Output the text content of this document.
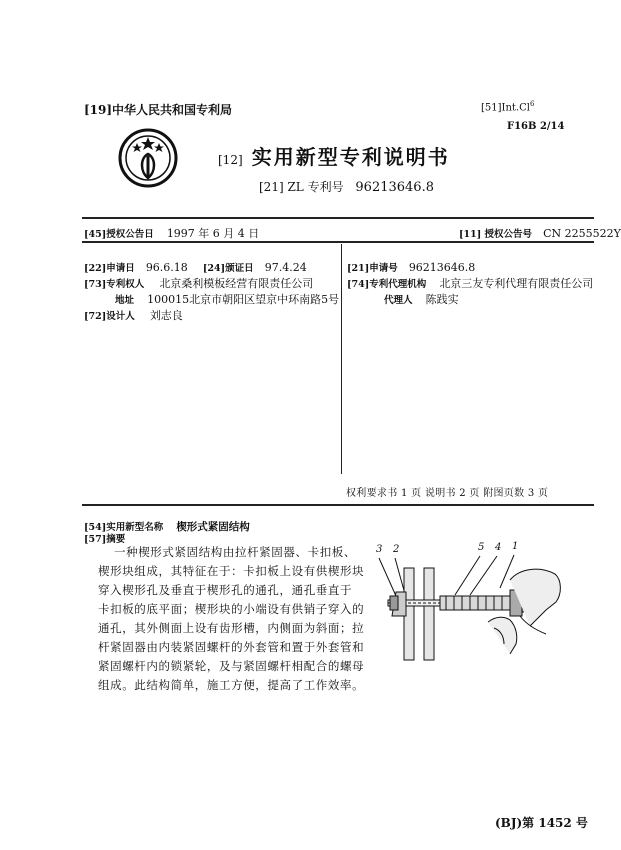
[19]中华人民共和国专利局	[51]Int.Cl$^6$
F16B 2/14
[12] 实用新型专利说明书
[21] ZL 专利号 96213646.8
[45]授权公告日 1997 年 6 月 4 日	[11] 授权公告号 CN 2255522Y
[22]申请日 96.6.18 [24]颁证日 97.4.24
[73]专利权人 北京桑利模板经营有限责任公司
地址 100015北京市朝阳区望京中环南路5号
[72]设计人 刘志良
[21]申请号 96213646.8
[74]专利代理机构 北京三友专利代理有限责任公司
代理人 陈践实
权利要求书 1 页 说明书 2 页 附图页数 3 页
[54]实用新型名称 楔形式紧固结构
[57]摘要
一种楔形式紧固结构由拉杆紧固器、卡扣板、
楔形块组成，其特征在于：卡扣板上设有供楔形块
穿入楔形孔及垂直于楔形孔的通孔，通孔垂直于
卡扣板的底平面；楔形块的小端设有供销子穿入的
通孔，其外侧面上设有齿形槽，内侧面为斜面；拉
杆紧固器由内装紧固螺杆的外套管和置于外套管和
紧固螺杆内的锁紧轮，及与紧固螺杆相配合的螺母
组成。此结构简单，施工方便，提高了工作效率。
3 2	5 4 1
(BJ)第 1452 号
